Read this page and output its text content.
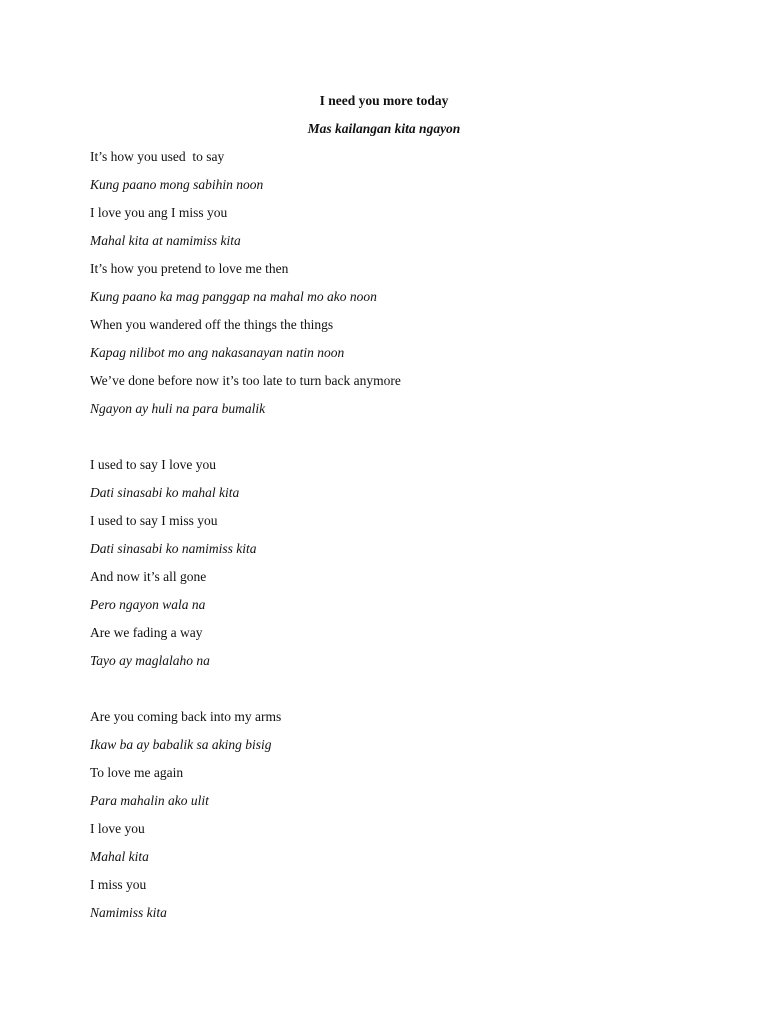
I need you more today
Mas kailangan kita ngayon
It’s how you used  to say
Kung paano mong sabihin noon
I love you ang I miss you
Mahal kita at namimiss kita
It’s how you pretend to love me then
Kung paano ka mag panggap na mahal mo ako noon
When you wandered off the things the things
Kapag nilibot mo ang nakasanayan natin noon
We’ve done before now it’s too late to turn back anymore
Ngayon ay huli na para bumalik
I used to say I love you
Dati sinasabi ko mahal kita
I used to say I miss you
Dati sinasabi ko namimiss kita
And now it’s all gone
Pero ngayon wala na
Are we fading a way
Tayo ay maglalaho na
Are you coming back into my arms
Ikaw ba ay babalik sa aking bisig
To love me again
Para mahalin ako ulit
I love you
Mahal kita
I miss you
Namimiss kita
